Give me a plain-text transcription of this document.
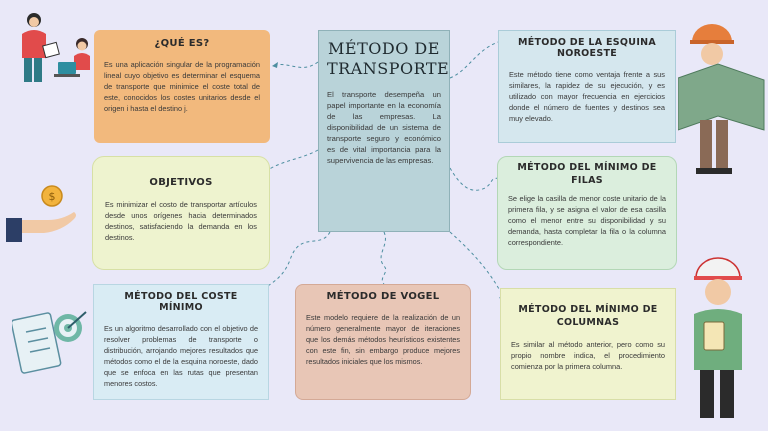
MÉTODO DE TRANSPORTE

El transporte desempeña un papel importante en la economía de las empresas. La disponibilidad de un sistema de transporte seguro y económico es de vital importancia para la supervivencia de las empresas.

¿QUÉ ES?

Es una aplicación singular de la programación lineal cuyo objetivo es determinar el esquema de transporte que minimice el coste total de este, conocidos los costes unitarios desde el origen i hasta el destino j.

OBJETIVOS

Es minimizar el costo de transportar artículos desde unos orígenes hacia determinados destinos, satisfaciendo la demanda en los destinos.

MÉTODO DEL COSTE MÍNIMO

Es un algoritmo desarrollado con el objetivo de resolver problemas de transporte o distribución, arrojando mejores resultados que métodos como el de la esquina noroeste, dado que se enfoca en las rutas que presentan menores costos.

MÉTODO DE VOGEL

Este modelo requiere de la realización de un número generalmente mayor de iteraciones que los demás métodos heurísticos existentes con este fin, sin embargo produce mejores resultados iniciales que los mismos.

MÉTODO DE LA ESQUINA NOROESTE

Este método tiene como ventaja frente a sus similares, la rapidez de su ejecución, y es utilizado con mayor frecuencia en ejercicios donde el número de fuentes y destinos sea muy elevado.

MÉTODO DEL MÍNIMO DE FILAS

Se elige la casilla de menor coste unitario de la primera fila, y se asigna el valor de esa casilla como el menor entre su disponibilidad y su demanda, hasta completar la fila o la columna correspondiente.

MÉTODO DEL MÍNIMO DE COLUMNAS

Es similar al método anterior, pero como su propio nombre indica, el procedimiento comienza por la primera columna.

$
